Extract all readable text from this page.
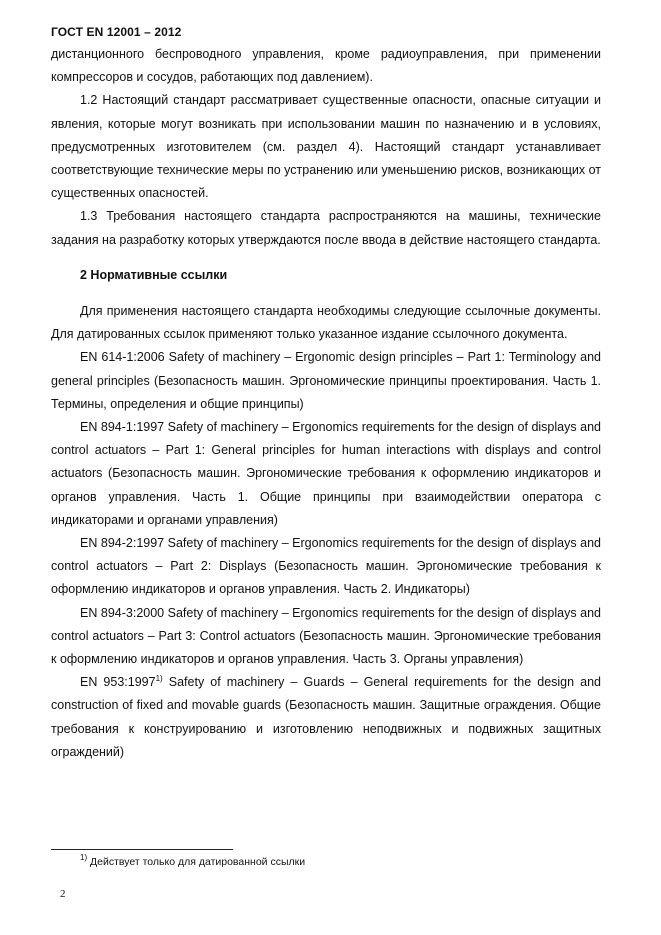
ГОСТ EN 12001 – 2012

дистанционного беспроводного управления, кроме радиоуправления, при применении компрессоров и сосудов, работающих под давлением).

1.2 Настоящий стандарт рассматривает существенные опасности, опасные ситуации и явления, которые могут возникать при использовании машин по назначению и в условиях, предусмотренных изготовителем (см. раздел 4). Настоящий стандарт устанавливает соответствующие технические меры по устранению или уменьшению рисков, возникающих от существенных опасностей.

1.3 Требования настоящего стандарта распространяются на машины, технические задания на разработку которых утверждаются после ввода в действие настоящего стандарта.

2 Нормативные ссылки

Для применения настоящего стандарта необходимы следующие ссылочные документы. Для датированных ссылок применяют только указанное издание ссылочного документа.

EN 614-1:2006 Safety of machinery – Ergonomic design principles – Part 1: Terminology and general principles (Безопасность машин. Эргономические принципы проектирования. Часть 1. Термины, определения и общие принципы)

EN 894-1:1997 Safety of machinery – Ergonomics requirements for the design of displays and control actuators – Part 1: General principles for human interactions with displays and control actuators (Безопасность машин. Эргономические требования к оформлению индикаторов и органов управления. Часть 1. Общие принципы при взаимодействии оператора с индикаторами и органами управления)

EN 894-2:1997 Safety of machinery – Ergonomics requirements for the design of displays and control actuators – Part 2: Displays (Безопасность машин. Эргономические требования к оформлению индикаторов и органов управления. Часть 2. Индикаторы)

EN 894-3:2000 Safety of machinery – Ergonomics requirements for the design of displays and control actuators – Part 3: Control actuators (Безопасность машин. Эргономические требования к оформлению индикаторов и органов управления. Часть 3. Органы управления)

EN 953:1997$^{1)}$ Safety of machinery – Guards – General requirements for the design and construction of fixed and movable guards (Безопасность машин. Защитные ограждения. Общие требования к конструированию и изготовлению неподвижных и подвижных защитных ограждений)

$^{1)}$ Действует только для датированной ссылки
2
